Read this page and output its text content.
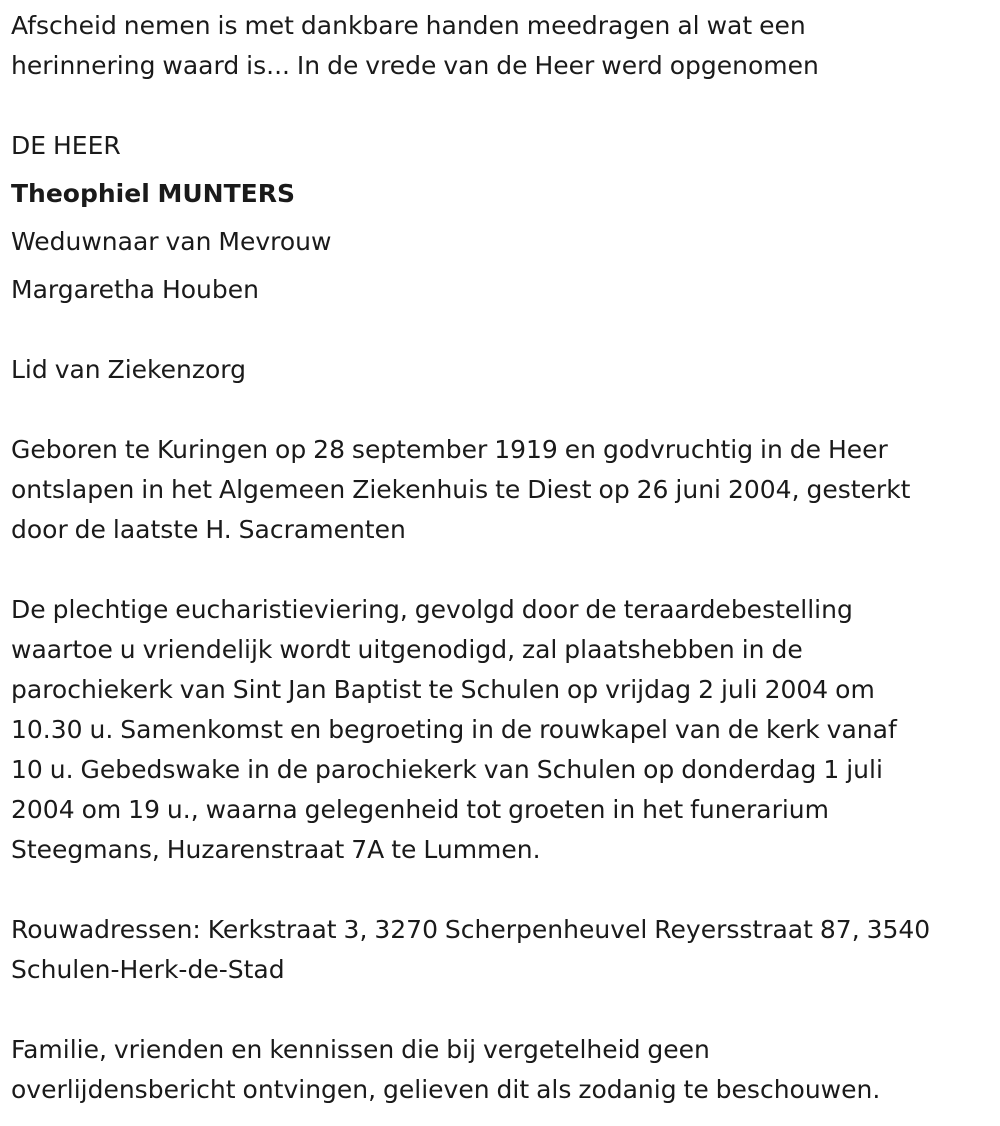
Afscheid nemen is met dankbare handen meedragen al wat een
herinnering waard is... In de vrede van de Heer werd opgenomen

DE HEER

Theophiel MUNTERS

Weduwnaar van Mevrouw

Margaretha Houben

Lid van Ziekenzorg

Geboren te Kuringen op 28 september 1919 en godvruchtig in de Heer
ontslapen in het Algemeen Ziekenhuis te Diest op 26 juni 2004, gesterkt
door de laatste H. Sacramenten

De plechtige eucharistieviering, gevolgd door de teraardebestelling
waartoe u vriendelijk wordt uitgenodigd, zal plaatshebben in de
parochiekerk van Sint Jan Baptist te Schulen op vrijdag 2 juli 2004 om
10.30 u. Samenkomst en begroeting in de rouwkapel van de kerk vanaf
10 u. Gebedswake in de parochiekerk van Schulen op donderdag 1 juli
2004 om 19 u., waarna gelegenheid tot groeten in het funerarium
Steegmans, Huzarenstraat 7A te Lummen.

Rouwadressen: Kerkstraat 3, 3270 Scherpenheuvel Reyersstraat 87, 3540
Schulen-Herk-de-Stad

Familie, vrienden en kennissen die bij vergetelheid geen
overlijdensbericht ontvingen, gelieven dit als zodanig te beschouwen.
